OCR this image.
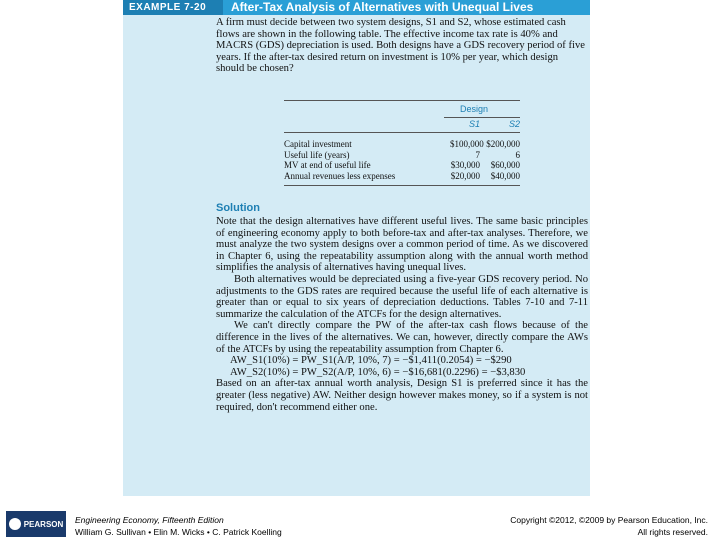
EXAMPLE 7-20	After-Tax Analysis of Alternatives with Unequal Lives
A firm must decide between two system designs, S1 and S2, whose estimated cash flows are shown in the following table. The effective income tax rate is 40% and MACRS (GDS) depreciation is used. Both designs have a GDS recovery period of five years. If the after-tax desired return on investment is 10% per year, which design should be chosen?
Design
S1	S2
Capital investment	$100,000 $200,000
Useful life (years)	7	6
MV at end of useful life	$30,000	$60,000
Annual revenues less expenses	$20,000	$40,000
Solution

Note that the design alternatives have different useful lives. The same basic principles of engineering economy apply to both before-tax and after-tax analyses. Therefore, we must analyze the two system designs over a common period of time. As we discovered in Chapter 6, using the repeatability assumption along with the annual worth method simplifies the analysis of alternatives having unequal lives.

Both alternatives would be depreciated using a five-year GDS recovery period. No adjustments to the GDS rates are required because the useful life of each alternative is greater than or equal to six years of depreciation deductions. Tables 7-10 and 7-11 summarize the calculation of the ATCFs for the design alternatives.

We can't directly compare the PW of the after-tax cash flows because of the difference in the lives of the alternatives. We can, however, directly compare the AWs of the ATCFs by using the repeatability assumption from Chapter 6.

AW_S1(10%) = PW_S1(A/P, 10%, 7) = −$1,411(0.2054) = −$290

AW_S2(10%) = PW_S2(A/P, 10%, 6) = −$16,681(0.2296) = −$3,830

Based on an after-tax annual worth analysis, Design S1 is preferred since it has the greater (less negative) AW. Neither design however makes money, so if a system is not required, don't recommend either one.

PEARSON Engineering Economy, Fifteenth Edition
William G. Sullivan • Elin M. Wicks • C. Patrick Koelling
Copyright ©2012, ©2009 by Pearson Education, Inc.
All rights reserved.
